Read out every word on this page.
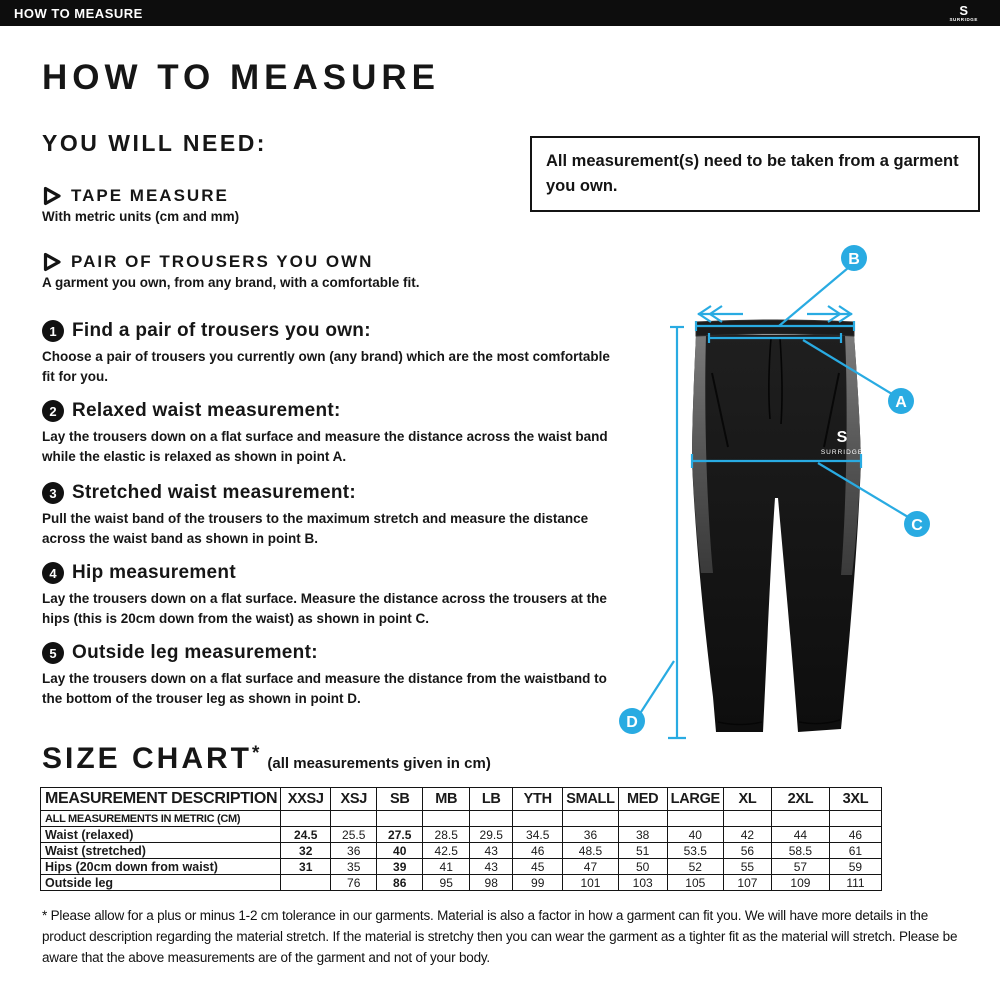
HOW TO MEASURE	S
SURRIDGE
HOW TO MEASURE
YOU WILL NEED:
TAPE MEASURE
With metric units (cm and mm)
PAIR OF TROUSERS YOU OWN
A garment you own, from any brand, with a comfortable fit.
All measurement(s) need to be taken from a garment you own.
1 Find a pair of trousers you own:
Choose a pair of trousers you currently own (any brand) which are the most comfortable fit for you.
2 Relaxed waist measurement:
Lay the trousers down on a flat surface and measure the distance across the waist band while the elastic is relaxed as shown in point A.
3 Stretched waist measurement:
Pull the waist band of the trousers to the maximum stretch and measure the distance across the waist band as shown in point B.
4 Hip measurement
Lay the trousers down on a flat surface. Measure the distance across the trousers at the hips (this is 20cm down from the waist) as shown in point C.
5 Outside leg measurement:
Lay the trousers down on a flat surface and measure the distance from the waistband to the bottom of the trouser leg as shown in point D.
S
SURRIDGE
B
A
C
D
SIZE CHART * (all measurements given in cm)
MEASUREMENT DESCRIPTION	XXSJ	XSJ	SB	MB	LB	YTH	SMALL	MED	LARGE	XL	2XL	3XL
ALL MEASUREMENTS IN METRIC (CM)												
Waist (relaxed)	24.5	25.5	27.5	28.5	29.5	34.5	36	38	40	42	44	46
Waist (stretched)	32	36	40	42.5	43	46	48.5	51	53.5	56	58.5	61
Hips (20cm down from waist)	31	35	39	41	43	45	47	50	52	55	57	59
Outside leg		76	86	95	98	99	101	103	105	107	109	111
* Please allow for a plus or minus 1-2 cm tolerance in our garments. Material is also a factor in how a garment can fit you. We will have more details in the product description regarding the material stretch. If the material is stretchy then you can wear the garment as a tighter fit as the material will stretch. Please be aware that the above measurements are of the garment and not of your body.
